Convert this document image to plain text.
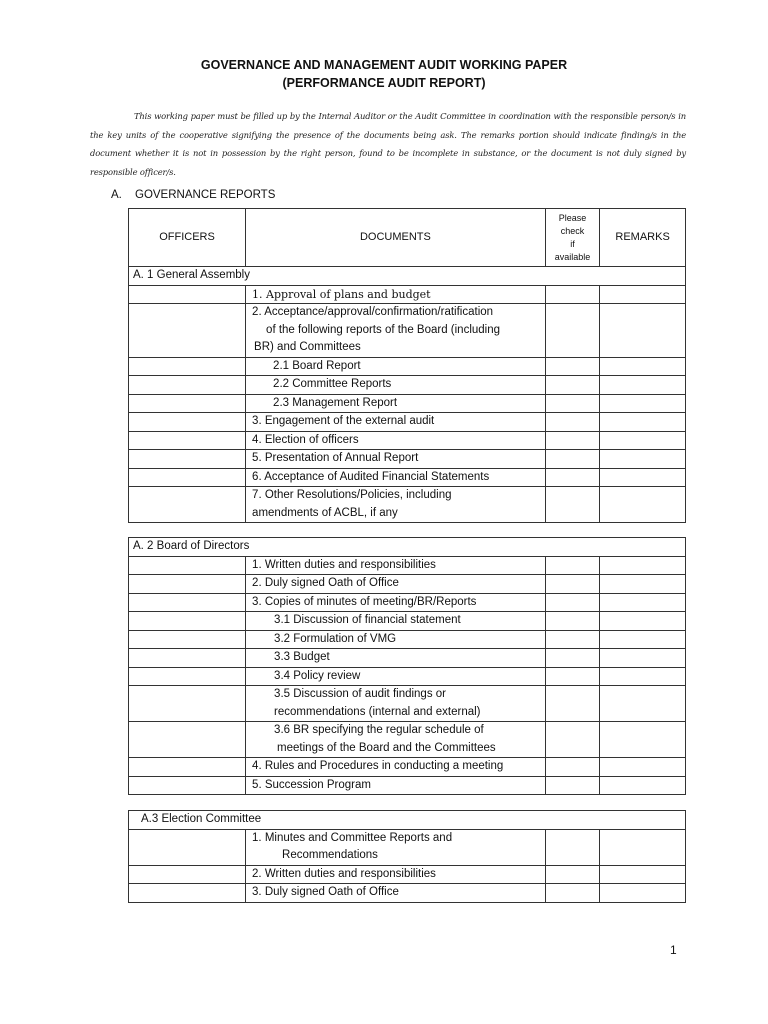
GOVERNANCE AND MANAGEMENT AUDIT WORKING PAPER
(PERFORMANCE AUDIT REPORT)
This working paper must be filled up by the Internal Auditor or the Audit Committee in coordination with the responsible person/s in the key units of the cooperative signifying the presence of the documents being ask. The remarks portion should indicate finding/s in the document whether it is not in possession by the right person, found to be incomplete in substance, or the document is not duly signed by responsible officer/s.
A. GOVERNANCE REPORTS
OFFICERS	DOCUMENTS	Please
check
if
available	REMARKS
A. 1 General Assembly			
	1. Approval of plans and budget		

	2. Acceptance/approval/confirmation/ratification
of the following reports of the Board (including
BR) and Committees		

	2.1 Board Report		
	2.2 Committee Reports		
	2.3 Management Report		
	3. Engagement of the external audit		
	4. Election of officers		
	5. Presentation of Annual Report		
	6. Acceptance of Audited Financial Statements		

	7. Other Resolutions/Policies, including
amendments of ACBL, if any		

A. 2 Board of Directors			
	1. Written duties and responsibilities		
	2. Duly signed Oath of Office		
	3. Copies of minutes of meeting/BR/Reports		
	3.1 Discussion of financial statement		
	3.2 Formulation of VMG		
	3.3 Budget		
	3.4 Policy review		

	3.5 Discussion of audit findings or
recommendations (internal and external)		

	3.6 BR specifying the regular schedule of
meetings of the Board and the Committees		

	4. Rules and Procedures in conducting a meeting		
	5. Succession Program		
A.3 Election Committee			

	1. Minutes and Committee Reports and
Recommendations		

	2. Written duties and responsibilities		
	3. Duly signed Oath of Office		
1
